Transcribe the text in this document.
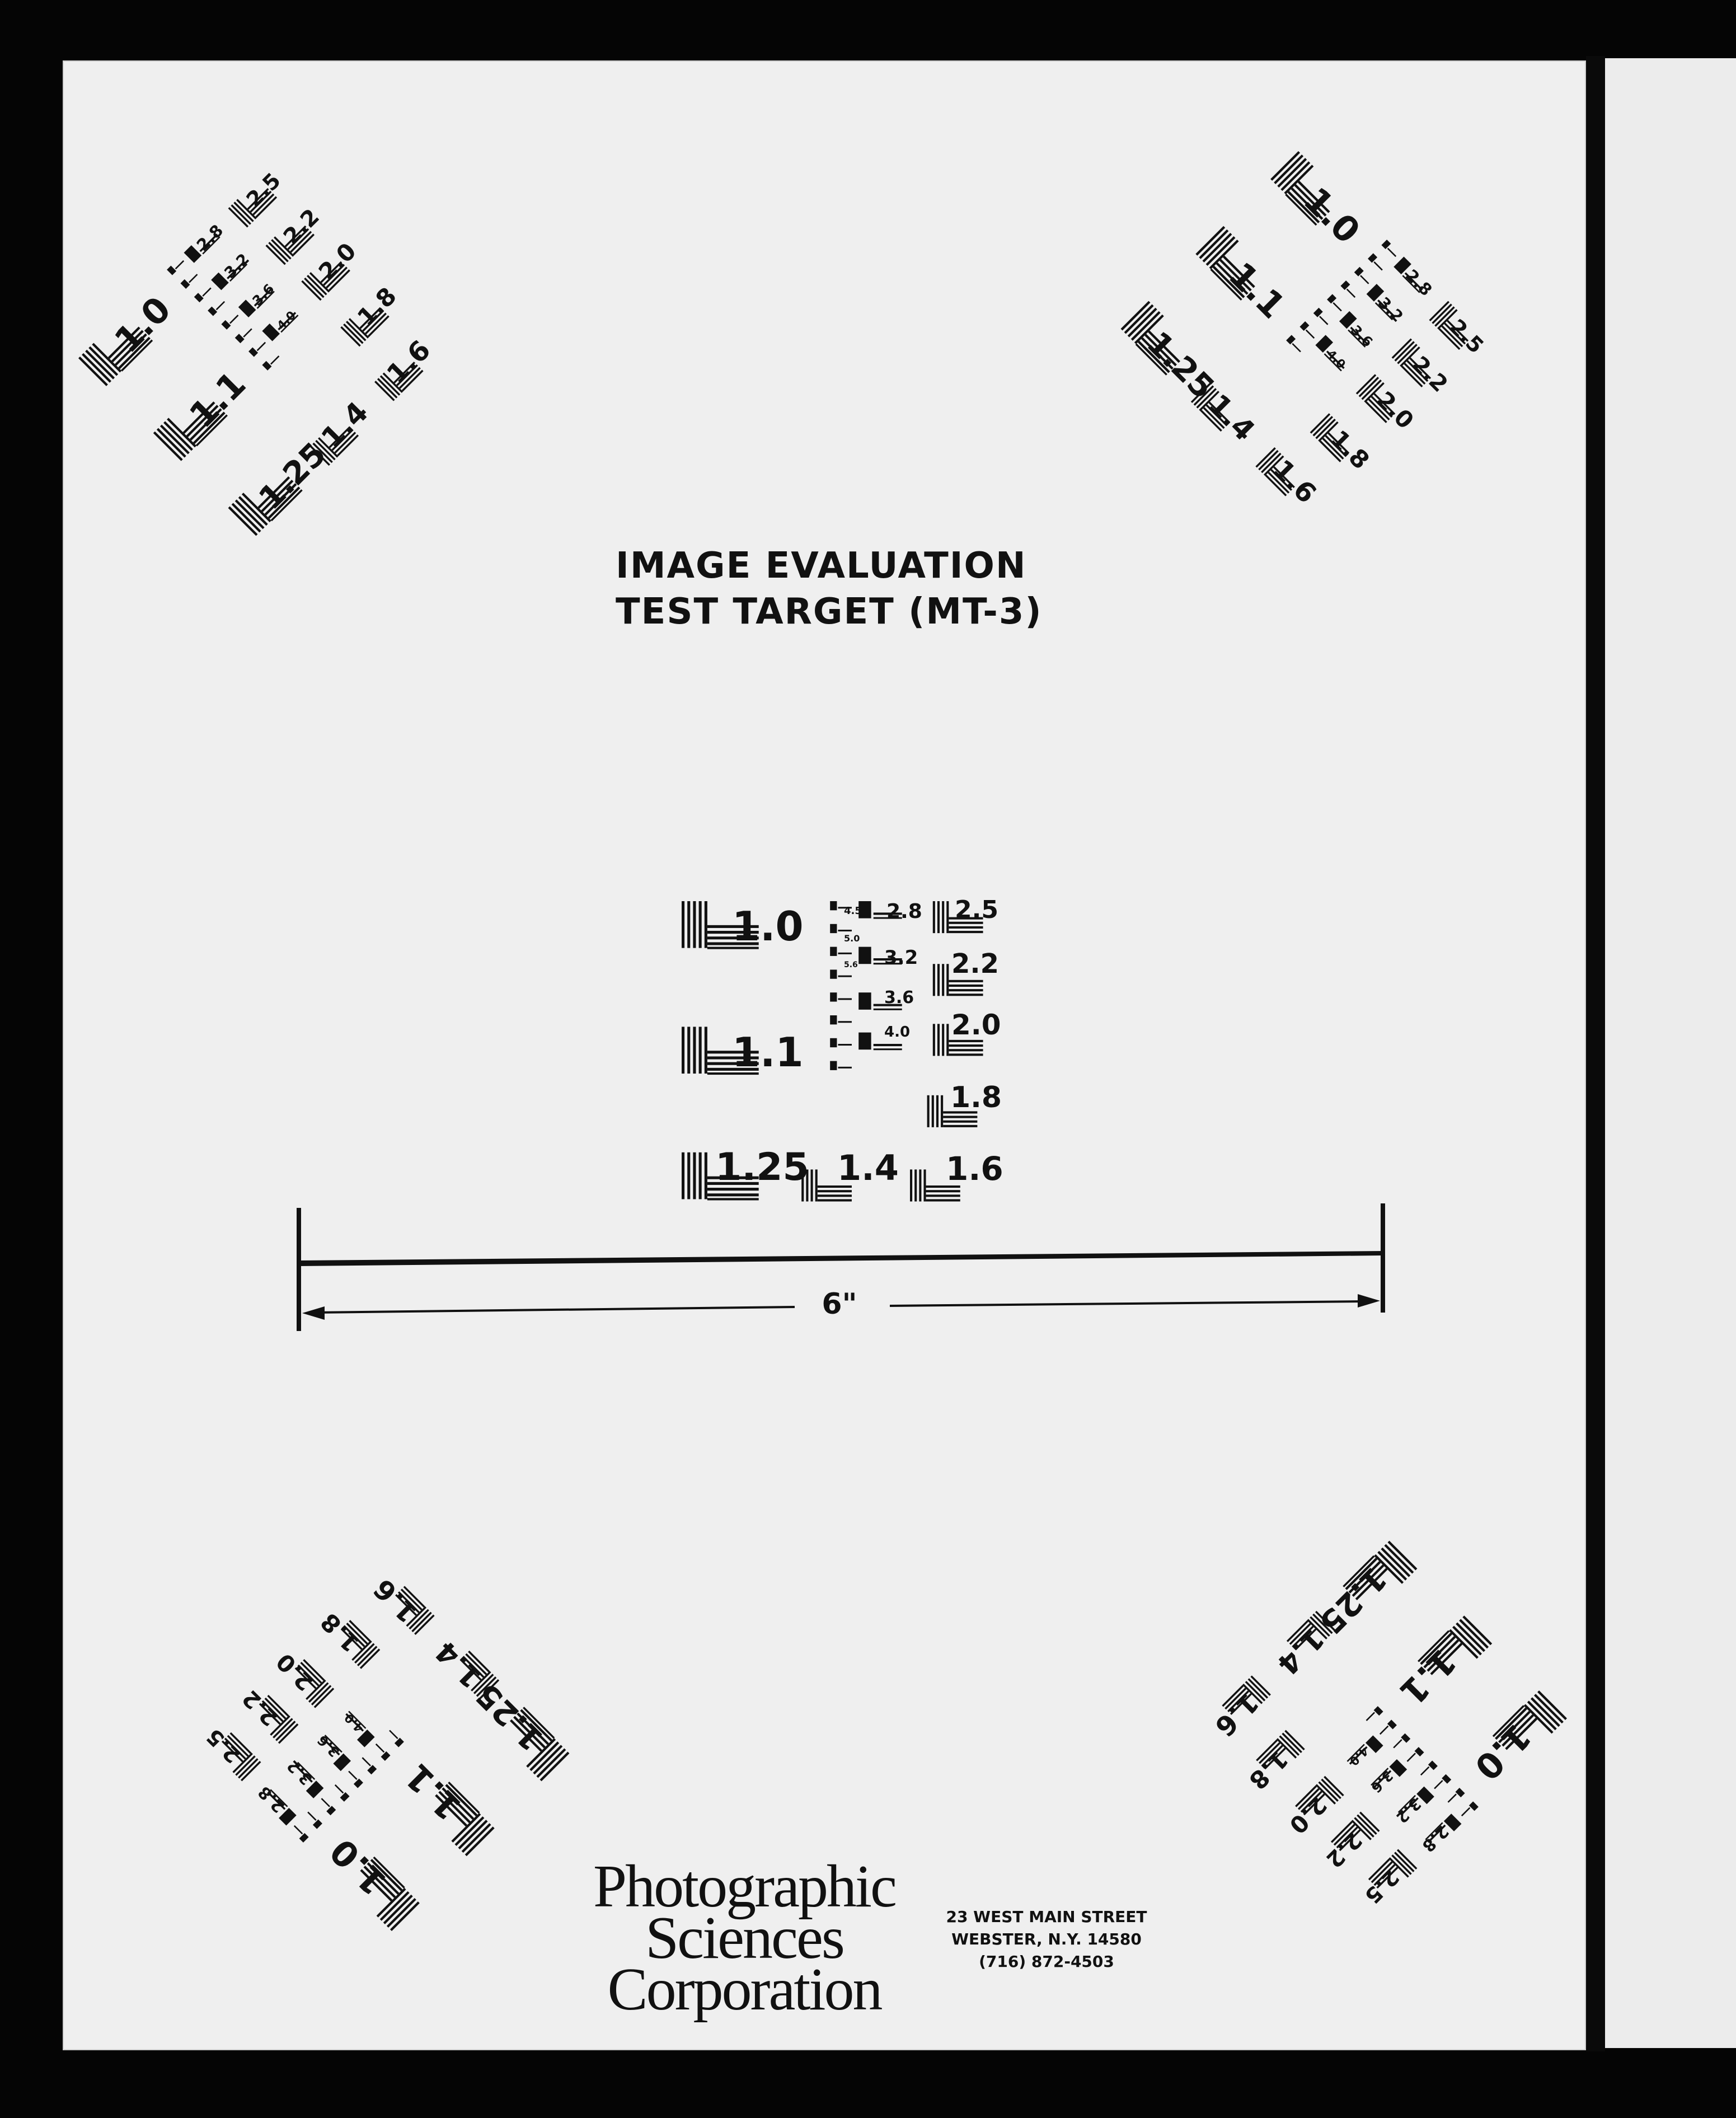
1.0
1.1
1.25 1.4 1.6
1.8
2.0
2.2
2.5
2.8
3.2
3.6
4.0
4.5
5.0
5.6
1.0
1.1
1.25
1.4
1.6
1.8
2.0
2.2
2.5
2.8
3.2
3.6
4.0
1.0
1.1
1.25
1.4
1.6
1.8
2.0
2.2
2.5
2.8
3.2
3.6
4.0
1.0
1.1
1.25
1.4
1.6
1.8
2.0
2.2
2.5
2.8
3.2
3.6
4.0	1.0
1.1
1.25
1.4
1.6
1.8
2.0
2.2
2.5
2.8
3.2
3.6
4.0
6"
IMAGE EVALUATION
TEST TARGET (MT-3)
Photographic
Sciences
Corporation
23 WEST MAIN STREET
WEBSTER, N.Y. 14580
(716) 872-4503
